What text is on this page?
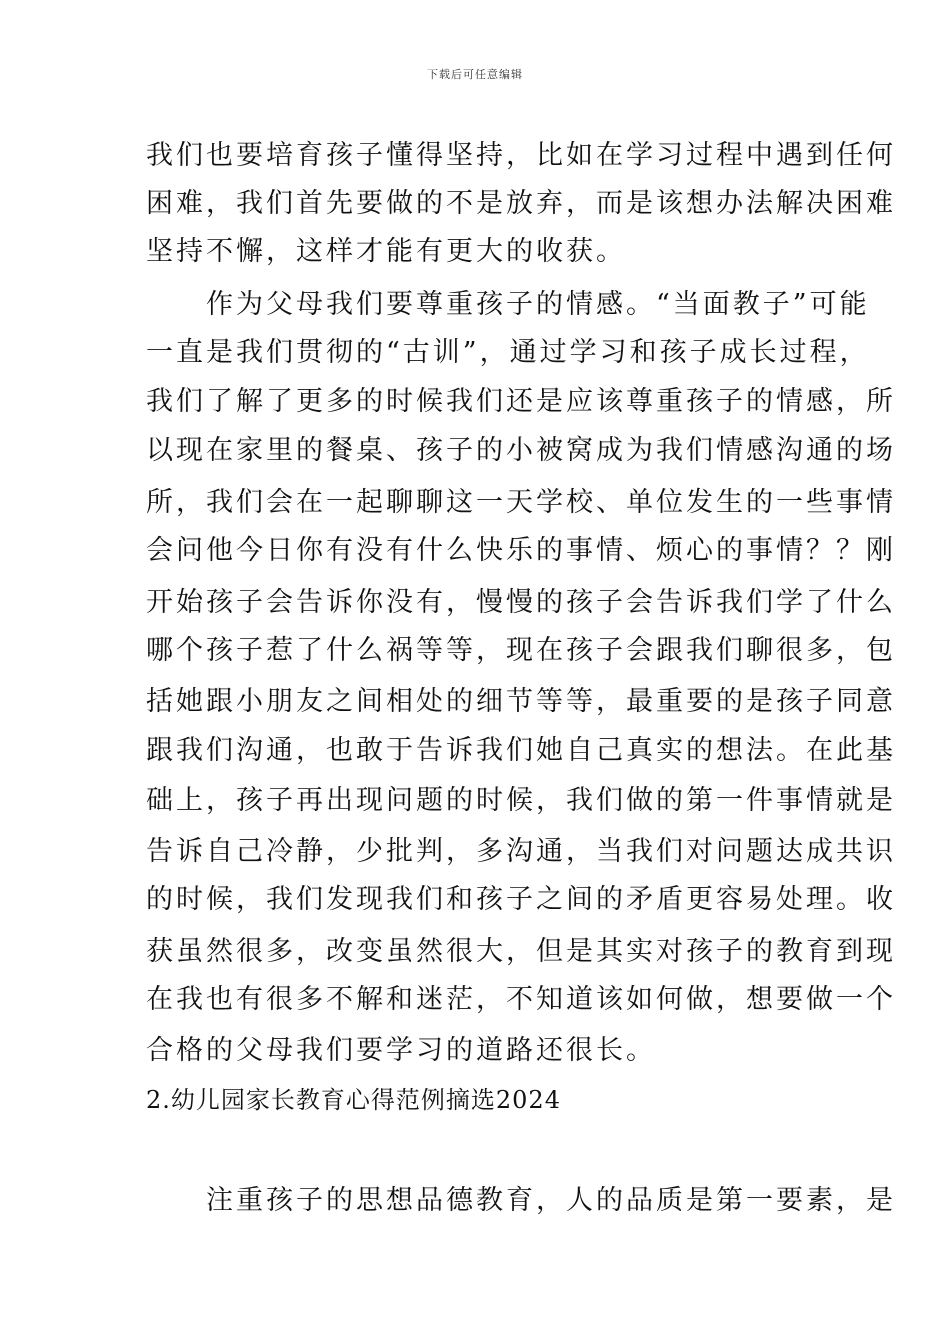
下载后可任意编辑
我们也要培育孩子懂得坚持，比如在学习过程中遇到任何
困难，我们首先要做的不是放弃，而是该想办法解决困难
坚持不懈，这样才能有更大的收获。
　　作为父母我们要尊重孩子的情感。“当面教子”可能
一直是我们贯彻的“古训”，通过学习和孩子成长过程，
我们了解了更多的时候我们还是应该尊重孩子的情感，所
以现在家里的餐桌、孩子的小被窝成为我们情感沟通的场
所，我们会在一起聊聊这一天学校、单位发生的一些事情
会问他今日你有没有什么快乐的事情、烦心的事情？？刚
开始孩子会告诉你没有，慢慢的孩子会告诉我们学了什么
哪个孩子惹了什么祸等等，现在孩子会跟我们聊很多，包
括她跟小朋友之间相处的细节等等，最重要的是孩子同意
跟我们沟通，也敢于告诉我们她自己真实的想法。在此基
础上，孩子再出现问题的时候，我们做的第一件事情就是
告诉自己冷静，少批判，多沟通，当我们对问题达成共识
的时候，我们发现我们和孩子之间的矛盾更容易处理。收
获虽然很多，改变虽然很大，但是其实对孩子的教育到现
在我也有很多不解和迷茫，不知道该如何做，想要做一个
合格的父母我们要学习的道路还很长。
2.幼儿园家长教育心得范例摘选2024
　　注重孩子的思想品德教育，人的品质是第一要素，是
